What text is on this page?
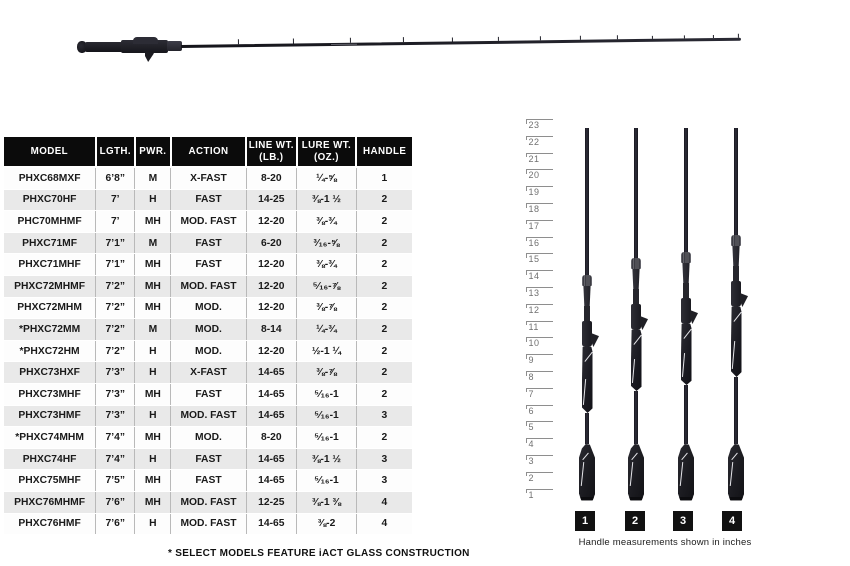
MODEL	LGTH.	PWR.	ACTION	LINE WT. (LB.)	LURE WT. (OZ.)	HANDLE
PHXC68MXF	6’8”	M	X-FAST	8-20	¼-⅝	1
PHXC70HF	7’	H	FAST	14-25	⅜-1 ½	2
PHC70MHMF	7’	MH	MOD. FAST	12-20	⅜-¾	2
PHXC71MF	7’1”	M	FAST	6-20	³⁄₁₆-⅝	2
PHXC71MHF	7’1”	MH	FAST	12-20	⅜-¾	2
PHXC72MHMF	7’2”	MH	MOD. FAST	12-20	⁵⁄₁₆-⅞	2
PHXC72MHM	7’2”	MH	MOD.	12-20	⅜-⅞	2
*PHXC72MM	7’2”	M	MOD.	8-14	¼-¾	2
*PHXC72HM	7’2”	H	MOD.	12-20	½-1 ¼	2
PHXC73HXF	7’3”	H	X-FAST	14-65	⅜-⅞	2
PHXC73MHF	7’3”	MH	FAST	14-65	⁵⁄₁₆-1	2
PHXC73HMF	7’3”	H	MOD. FAST	14-65	⁵⁄₁₆-1	3
*PHXC74MHM	7’4”	MH	MOD.	8-20	⁵⁄₁₆-1	2
PHXC74HF	7’4”	H	FAST	14-65	⅜-1 ½	3
PHXC75MHF	7’5”	MH	FAST	14-65	⁵⁄₁₆-1	3
PHXC76MHMF	7’6”	MH	MOD. FAST	12-25	⅜-1 ⅜	4
PHXC76HMF	7’6”	H	MOD. FAST	14-65	⅜-2	4
* SELECT MODELS FEATURE iACT GLASS CONSTRUCTION
23
22
21
20
19
18
17
16
15
14
13
12
11
10
9
8
7
6
5
4
3
2
1
1	2	3	4
Handle measurements shown in inches
